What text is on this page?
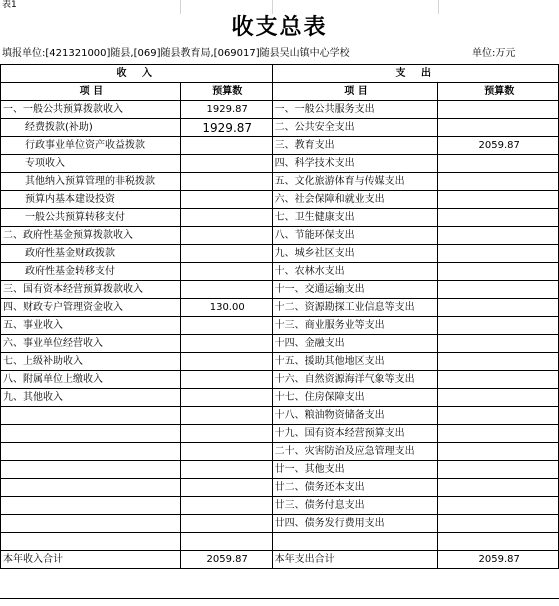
表1
收支总表
填报单位:[421321000]随县,[069]随县教育局,[069017]随县吴山镇中心学校	单位:万元
收 入		支 出	
项 目	预算数	项 目	预算数
一、一般公共预算拨款收入	1929.87	一、一般公共服务支出	
经费拨款(补助)	1929.87	二、公共安全支出	
行政事业单位资产收益拨款		三、教育支出	2059.87
专项收入		四、科学技术支出	
其他纳入预算管理的非税拨款		五、文化旅游体育与传媒支出	
预算内基本建设投资		六、社会保障和就业支出	
一般公共预算转移支付		七、卫生健康支出	
二、政府性基金预算拨款收入		八、节能环保支出	
政府性基金财政拨款		九、城乡社区支出	
政府性基金转移支付		十、农林水支出	
三、国有资本经营预算拨款收入		十一、交通运输支出	
四、财政专户管理资金收入	130.00	十二、资源勘探工业信息等支出	
五、事业收入		十三、商业服务业等支出	
六、事业单位经营收入		十四、金融支出	
七、上级补助收入		十五、援助其他地区支出	
八、附属单位上缴收入		十六、自然资源海洋气象等支出	
九、其他收入		十七、住房保障支出	
		十八、粮油物资储备支出	
		十九、国有资本经营预算支出	
		二十、灾害防治及应急管理支出	
		廿一、其他支出	
		廿二、债务还本支出	
		廿三、债务付息支出	
		廿四、债务发行费用支出	

本年收入合计	2059.87	本年支出合计	2059.87
